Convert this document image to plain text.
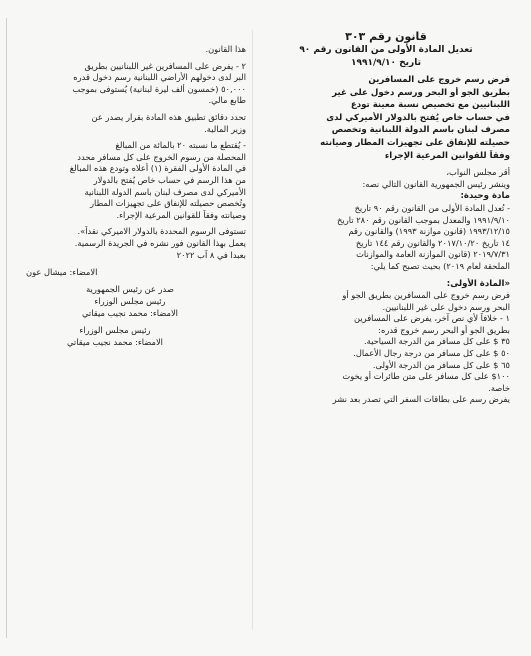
قانون رقم ٣٠٣
تعديل المادة الأولى من القانون رقم ٩٠
تاريخ ١٩٩١/٩/١٠
فرض رسم خروج على المسافرين
بطريق الجو أو البحر ورسم دخول على غير
اللبنانيين مع تخصيص نسبة معينة تودع
في حساب خاص يُفتح بالدولار الأميركي لدى
مصرف لبنان باسم الدولة اللبنانية وتخصص
حصيلته للإنفاق على تجهيزات المطار وصيانته
وفقاً للقوانين المرعية الإجراء
أقر مجلس النواب،
وينشر رئيس الجمهورية القانون التالي نصه:
مادة وحيدة:
- تُعدل المادة الأولى من القانون رقم ٩٠ تاريخ
١٩٩١/٩/١٠ والمعدل بموجب القانون رقم ٢٨٠ تاريخ
١٩٩٣/١٢/١٥ (قانون موازنة ١٩٩٣) والقانون رقم
١٤ تاريخ ٢٠١٧/١٠/٢٠ والقانون رقم ١٤٤ تاريخ
٢٠١٩/٧/٣١ (قانون الموازنة العامة والموازنات
الملحقة لعام ٢٠١٩) بحيث تصبح كما يلي:
«المادة الأولى:
فرض رسم خروج على المسافرين بطريق الجو أو
البحر ورسم دخول على غير اللبنانيين.
١ - خلافاً لأي نص آخر، يفرض على المسافرين
بطريق الجو أو البحر رسم خروج قدره:
٣٥ $ على كل مسافر من الدرجة السياحية.
٥٠ $ على كل مسافر من درجة رجال الأعمال.
٦٥ $ على كل مسافر من الدرجة الأولى.
١٠٠$ على كل مسافر على متن طائرات أو يخوت
خاصة.
يفرض رسم على بطاقات السفر التي تصدر بعد نشر
هذا القانون.
٢ - يفرض على المسافرين غير اللبنانيين بطريق
البر لدى دخولهم الأراضي اللبنانية رسم دخول قدره
٥٠,٠٠٠ (خمسون ألف ليرة لبنانية) يُستوفى بموجب
طابع مالي.
تحدد دقائق تطبيق هذه المادة بقرار يصدر عن
وزير المالية.
- يُقتطع ما نسبته ٢٠ بالمائة من المبالغ
المحصلة من رسوم الخروج على كل مسافر محدد
في المادة الأولى الفقرة (١) أعلاه وتودع هذه المبالغ
من هذا الرسم في حساب خاص يُفتح بالدولار
الأميركي لدى مصرف لبنان باسم الدولة اللبنانية
وتُخصص حصيلته للإنفاق على تجهيزات المطار
وصيانته وفقاً للقوانين المرعية الإجراء.
تستوفى الرسوم المحددة بالدولار الاميركي نقداً».
يعمل بهذا القانون فور نشره في الجريدة الرسمية.
بعبدا في ٨ آب ٢٠٢٢
الامضاء: ميشال عون
صدر عن رئيس الجمهورية
رئيس مجلس الوزراء
الامضاء: محمد نجيب ميقاتي
رئيس مجلس الوزراء
الامضاء: محمد نجيب ميقاتي
